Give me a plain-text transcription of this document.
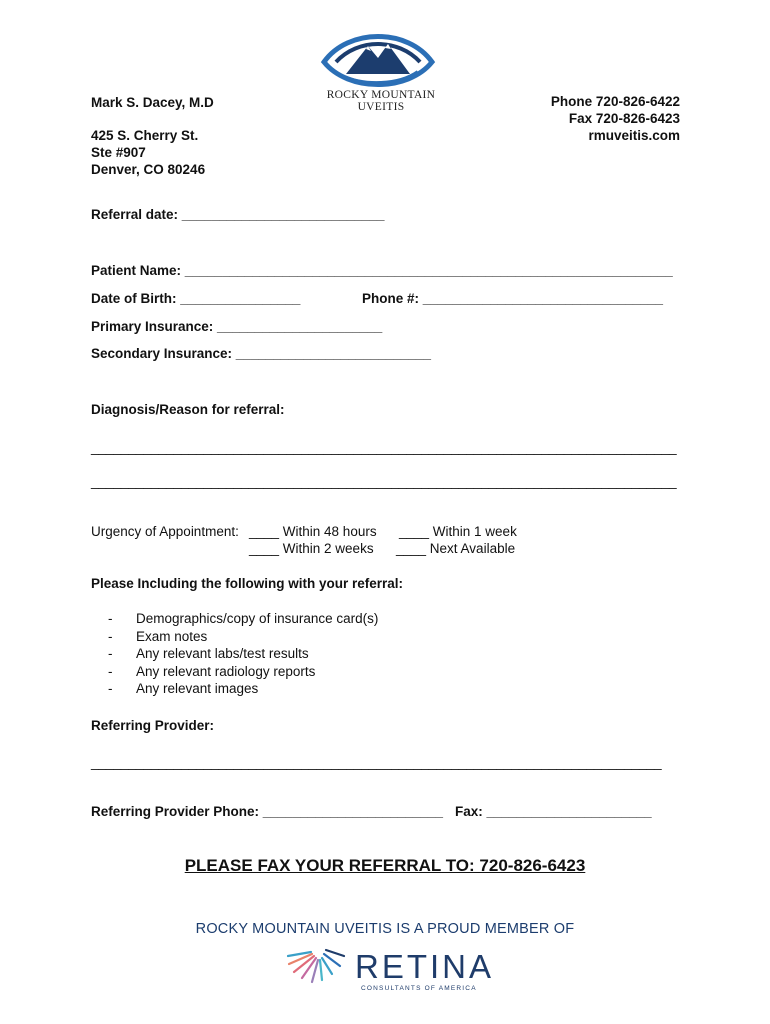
ROCKY MOUNTAIN UVEITIS
Mark S. Dacey, M.D
425 S. Cherry St.
Ste #907
Denver, CO 80246
Phone 720-826-6422
Fax 720-826-6423
rmuveitis.com
Referral date: ___________________________
Patient Name: _________________________________________________________________
Date of Birth: ________________	Phone #: ________________________________
Primary Insurance: ______________________
Secondary Insurance: __________________________
Diagnosis/Reason for referral:
______________________________________________________________________________
______________________________________________________________________________
Urgency of Appointment: ____ Within 48 hours ____ Within 1 week
____ Within 2 weeks ____ Next Available
Please Including the following with your referral:
- Demographics/copy of insurance card(s)
- Exam notes
- Any relevant labs/test results
- Any relevant radiology reports
- Any relevant images
Referring Provider:
____________________________________________________________________________
Referring Provider Phone: ________________________ Fax: ______________________
PLEASE FAX YOUR REFERRAL TO: 720-826-6423
ROCKY MOUNTAIN UVEITIS IS A PROUD MEMBER OF
RETINA
CONSULTANTS OF AMERICA
